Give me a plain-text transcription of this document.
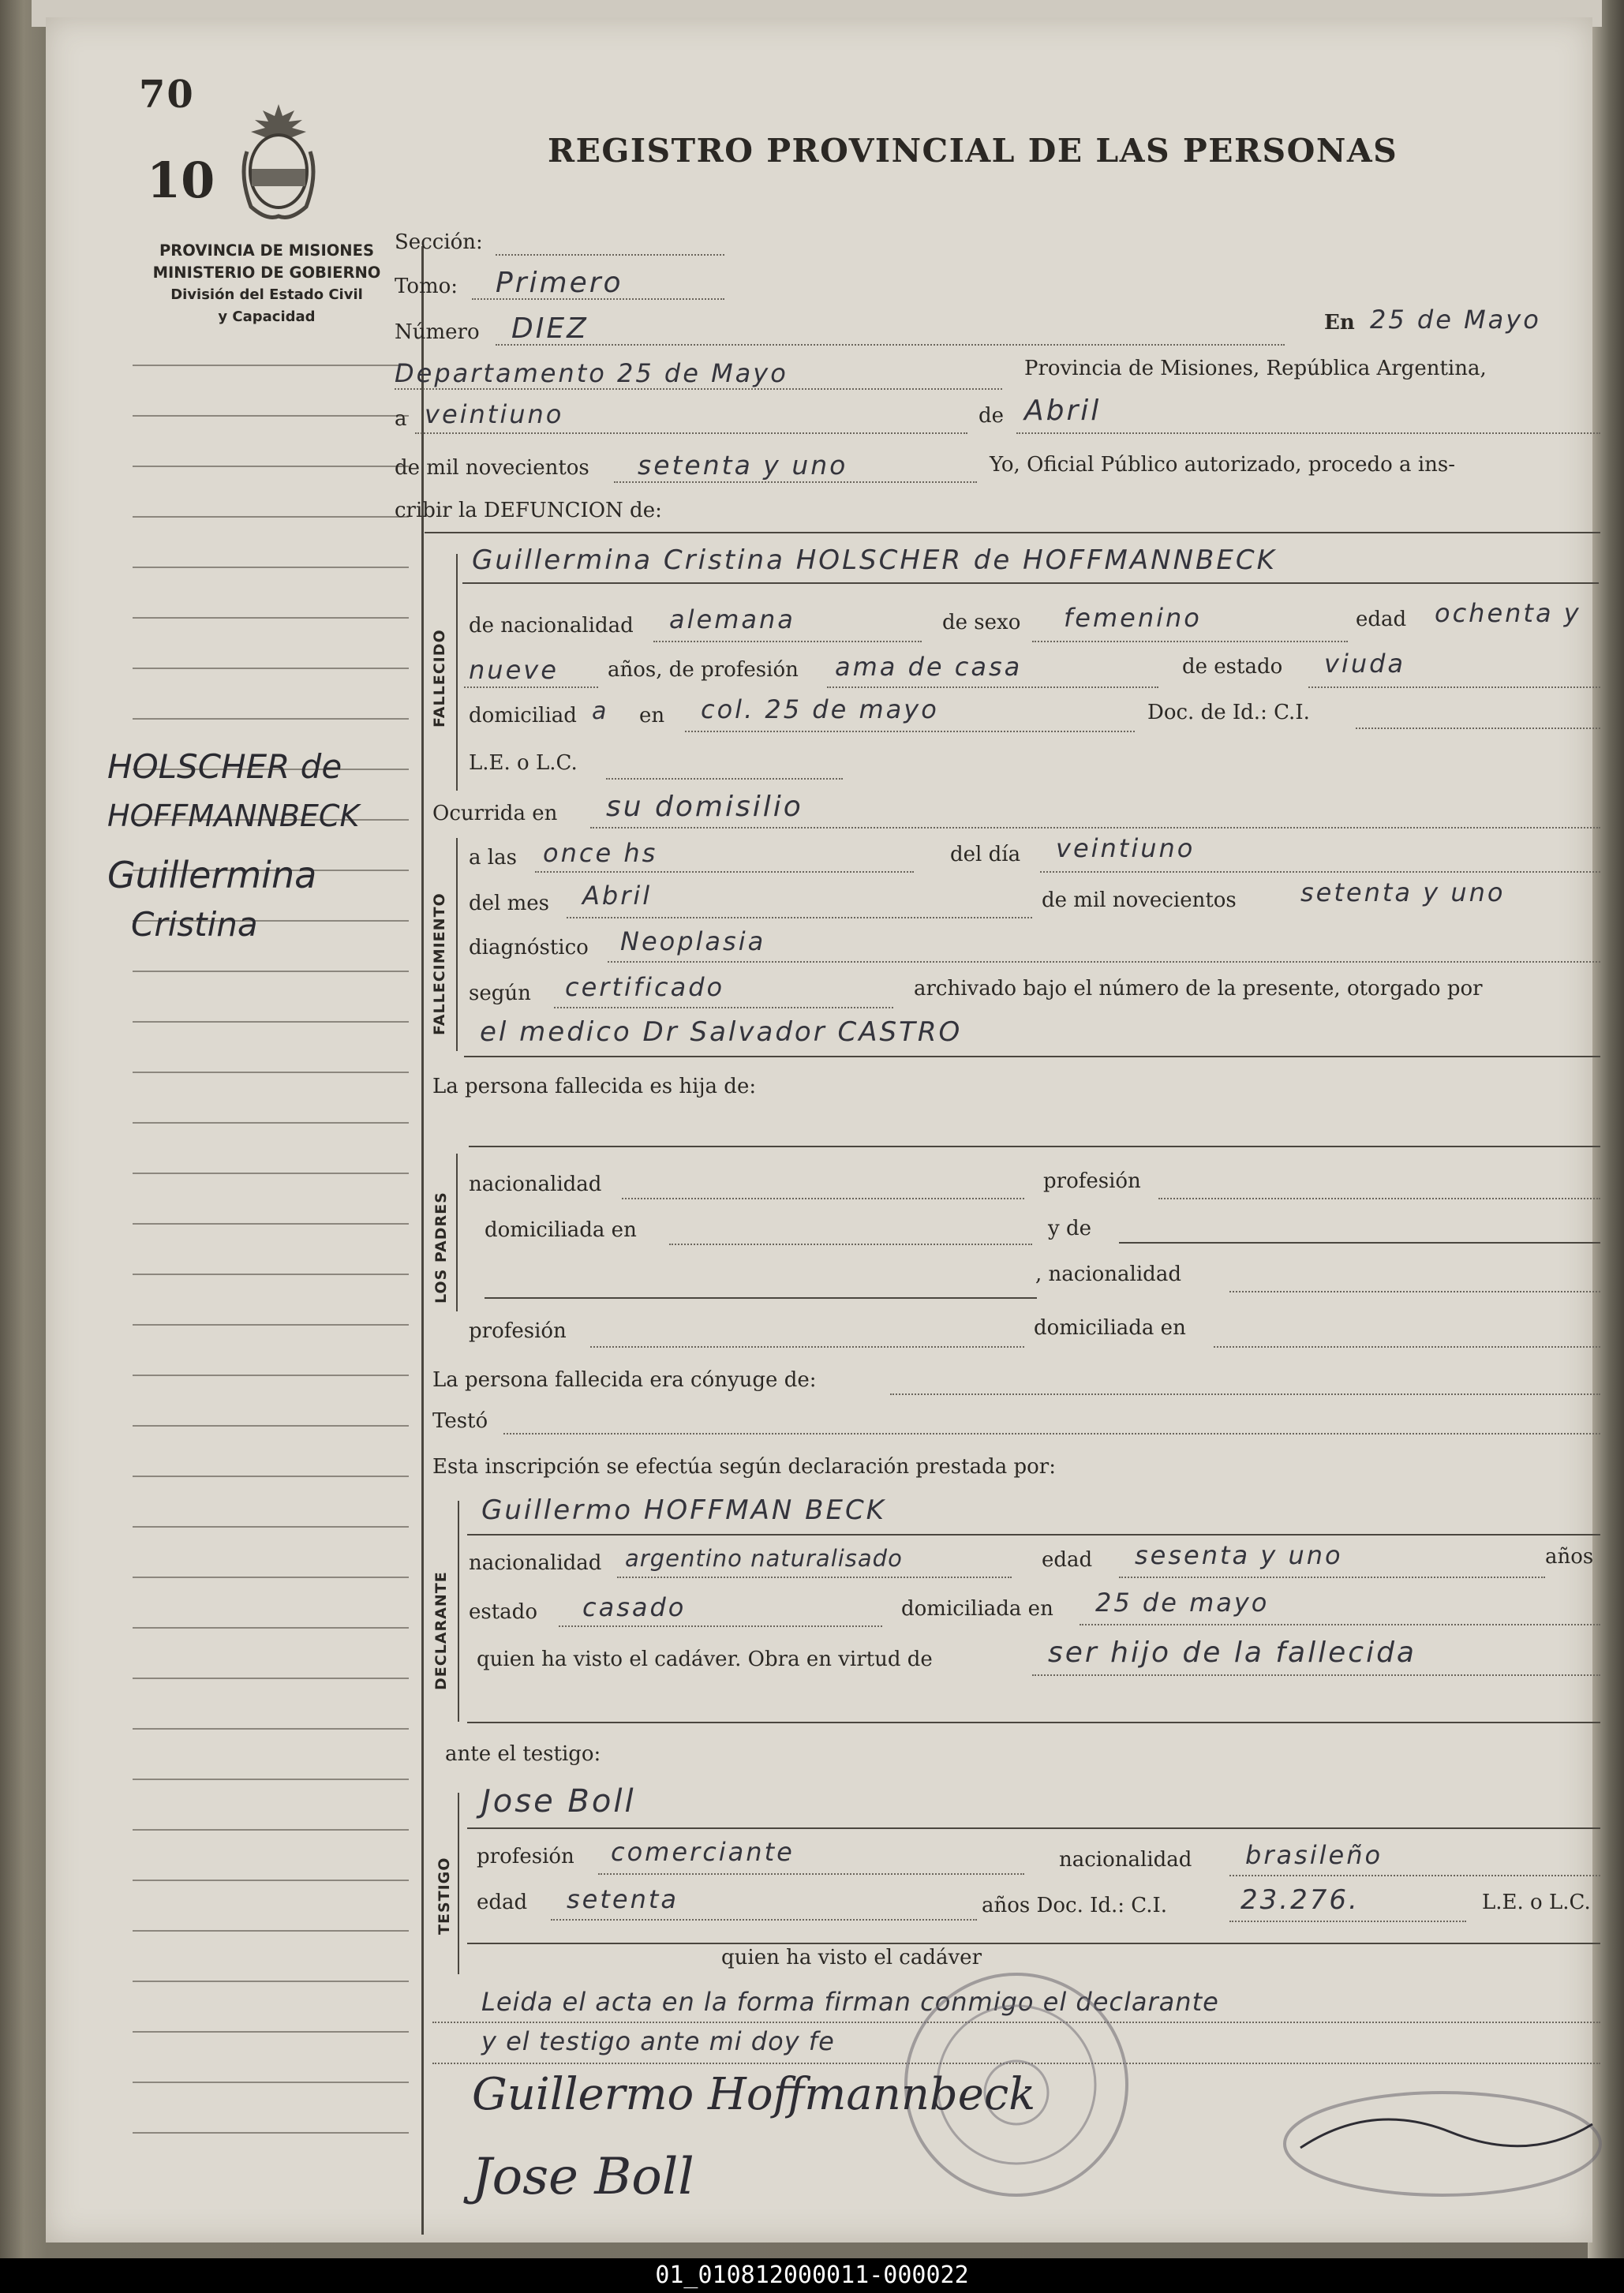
70
10
REGISTRO PROVINCIAL DE LAS PERSONAS
PROVINCIA DE MISIONES
MINISTERIO DE GOBIERNO
División del Estado Civil
y Capacidad
HOLSCHER de
HOFFMANNBECK
Guillermina
Cristina
Sección:
Tomo: Primero
Número DIEZ	En 25 de Mayo
Departamento 25 de Mayo	Provincia de Misiones, República Argentina,
a veintiuno	de Abril
de mil novecientos setenta y uno	Yo, Oficial Público autorizado, procedo a ins-
cribir la DEFUNCION de:
FALLECIDO
Guillermina Cristina HOLSCHER de HOFFMANNBECK
de nacionalidad alemana	de sexo femenino	edad ochenta y
nueve años, de profesión ama de casa	de estado viuda
domiciliad a en col. 25 de mayo	Doc. de Id.: C.I.
L.E. o L.C.
Ocurrida en su domisilio
FALLECIMIENTO
a las once hs	del día veintiuno
del mes Abril	de mil novecientos	setenta y uno
diagnóstico Neoplasia
según certificado	archivado bajo el número de la presente, otorgado por
el medico Dr Salvador CASTRO
La persona fallecida es hija de:
LOS PADRES
nacionalidad	profesión
domiciliada en	y de
, nacionalidad
profesión	domiciliada en
La persona fallecida era cónyuge de:
Testó
Esta inscripción se efectúa según declaración prestada por:
DECLARANTE
Guillermo HOFFMAN BECK
nacionalidad argentino naturalisado	edad sesenta y uno	años
estado casado	domiciliada en 25 de mayo
quien ha visto el cadáver. Obra en virtud de	ser hijo de la fallecida
ante el testigo:
TESTIGO
Jose Boll
profesión comerciante	nacionalidad brasileño
edad setenta	años Doc. Id.: C.I.	23.276.	L.E. o L.C.
quien ha visto el cadáver
Leida el acta en la forma firman conmigo el declarante
y el testigo ante mi doy fe
Guillermo Hoffmannbeck
Jose Boll
01_010812000011-000022
